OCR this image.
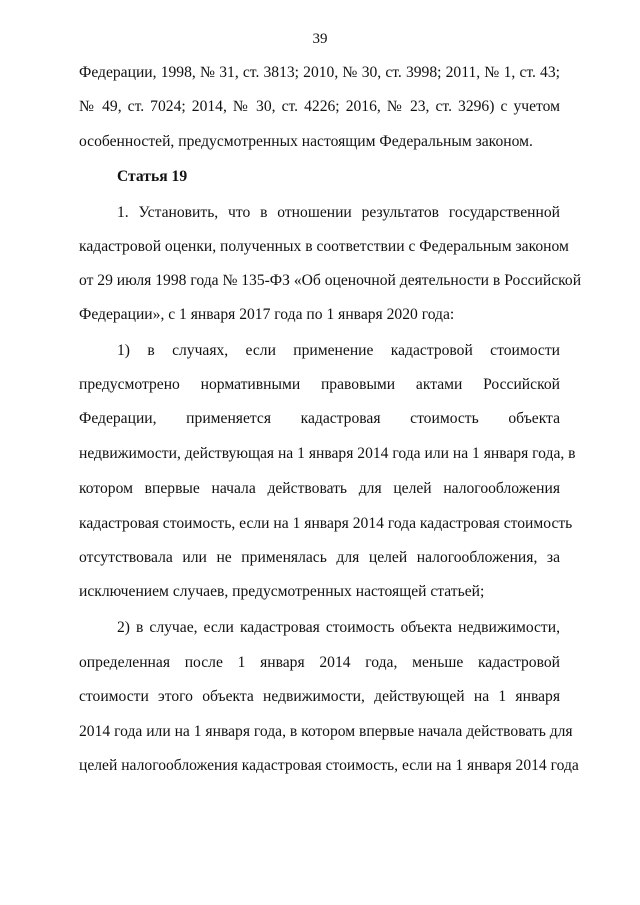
39
Федерации, 1998, № 31, ст. 3813; 2010, № 30, ст. 3998; 2011, № 1, ст. 43;
№ 49, ст. 7024; 2014, № 30, ст. 4226; 2016, № 23, ст. 3296) с учетом
особенностей, предусмотренных настоящим Федеральным законом.
Статья 19
1. Установить, что в отношении результатов государственной
кадастровой оценки, полученных в соответствии с Федеральным законом
от 29 июля 1998 года № 135-ФЗ «Об оценочной деятельности в Российской
Федерации», с 1 января 2017 года по 1 января 2020 года:
1) в случаях, если применение кадастровой стоимости
предусмотрено нормативными правовыми актами Российской
Федерации, применяется кадастровая стоимость объекта
недвижимости, действующая на 1 января 2014 года или на 1 января года, в
котором впервые начала действовать для целей налогообложения
кадастровая стоимость, если на 1 января 2014 года кадастровая стоимость
отсутствовала или не применялась для целей налогообложения, за
исключением случаев, предусмотренных настоящей статьей;
2) в случае, если кадастровая стоимость объекта недвижимости,
определенная после 1 января 2014 года, меньше кадастровой
стоимости этого объекта недвижимости, действующей на 1 января
2014 года или на 1 января года, в котором впервые начала действовать для
целей налогообложения кадастровая стоимость, если на 1 января 2014 года
